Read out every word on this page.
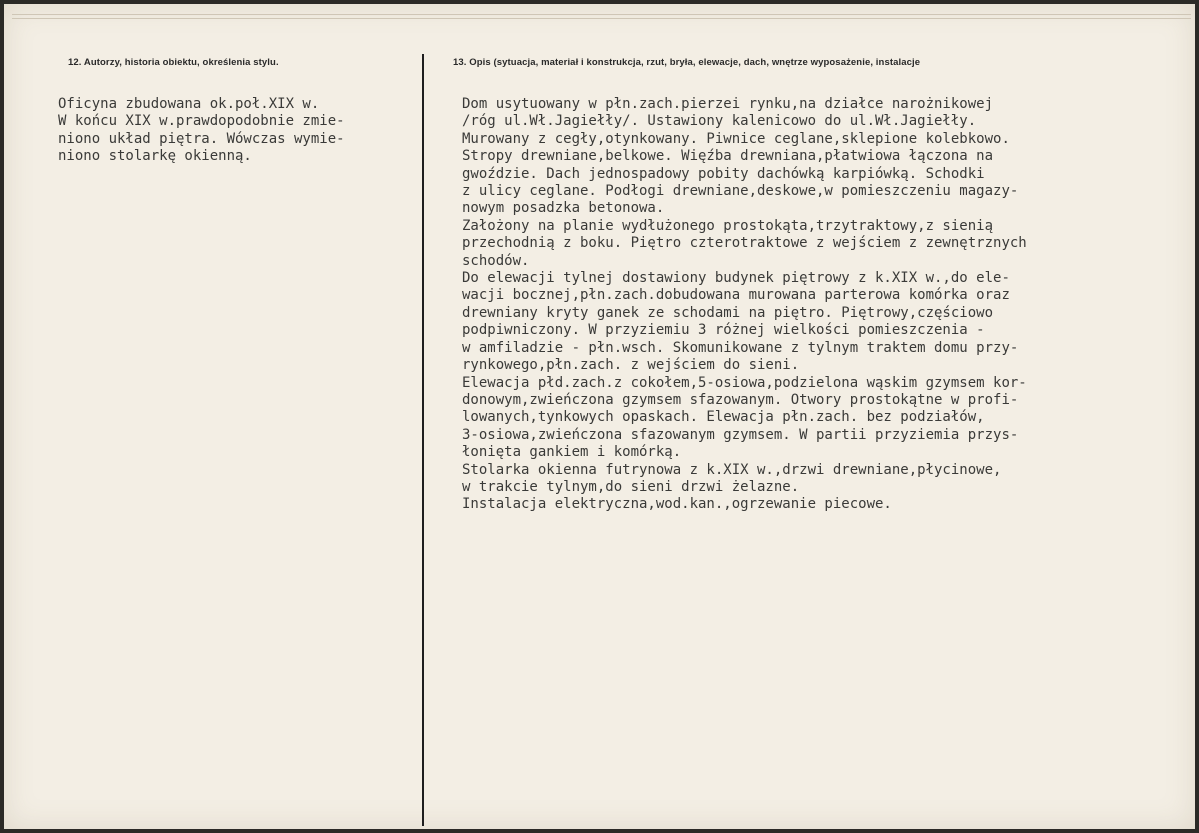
12. Autorzy, historia obiektu, określenia stylu.	13. Opis (sytuacja, materiał i konstrukcja, rzut, bryła, elewacje, dach, wnętrze wyposażenie, instalacje
Oficyna zbudowana ok.poł.XIX w.
W końcu XIX w.prawdopodobnie zmie-
niono układ piętra. Wówczas wymie-
niono stolarkę okienną.
Dom usytuowany w płn.zach.pierzei rynku,na działce narożnikowej
/róg ul.Wł.Jagiełły/. Ustawiony kalenicowo do ul.Wł.Jagiełły.
Murowany z cegły,otynkowany. Piwnice ceglane,sklepione kolebkowo.
Stropy drewniane,belkowe. Więźba drewniana,płatwiowa łączona na
gwoździe. Dach jednospadowy pobity dachówką karpiówką. Schodki
z ulicy ceglane. Podłogi drewniane,deskowe,w pomieszczeniu magazy-
nowym posadzka betonowa.
Założony na planie wydłużonego prostokąta,trzytraktowy,z sienią
przechodnią z boku. Piętro czterotraktowe z wejściem z zewnętrznych
schodów.
Do elewacji tylnej dostawiony budynek piętrowy z k.XIX w.,do ele-
wacji bocznej,płn.zach.dobudowana murowana parterowa komórka oraz
drewniany kryty ganek ze schodami na piętro. Piętrowy,częściowo
podpiwniczony. W przyziemiu 3 różnej wielkości pomieszczenia -
w amfiladzie - płn.wsch. Skomunikowane z tylnym traktem domu przy-
rynkowego,płn.zach. z wejściem do sieni.
Elewacja płd.zach.z cokołem,5-osiowa,podzielona wąskim gzymsem kor-
donowym,zwieńczona gzymsem sfazowanym. Otwory prostokątne w profi-
lowanych,tynkowych opaskach. Elewacja płn.zach. bez podziałów,
3-osiowa,zwieńczona sfazowanym gzymsem. W partii przyziemia przys-
łonięta gankiem i komórką.
Stolarka okienna futrynowa z k.XIX w.,drzwi drewniane,płycinowe,
w trakcie tylnym,do sieni drzwi żelazne.
Instalacja elektryczna,wod.kan.,ogrzewanie piecowe.
